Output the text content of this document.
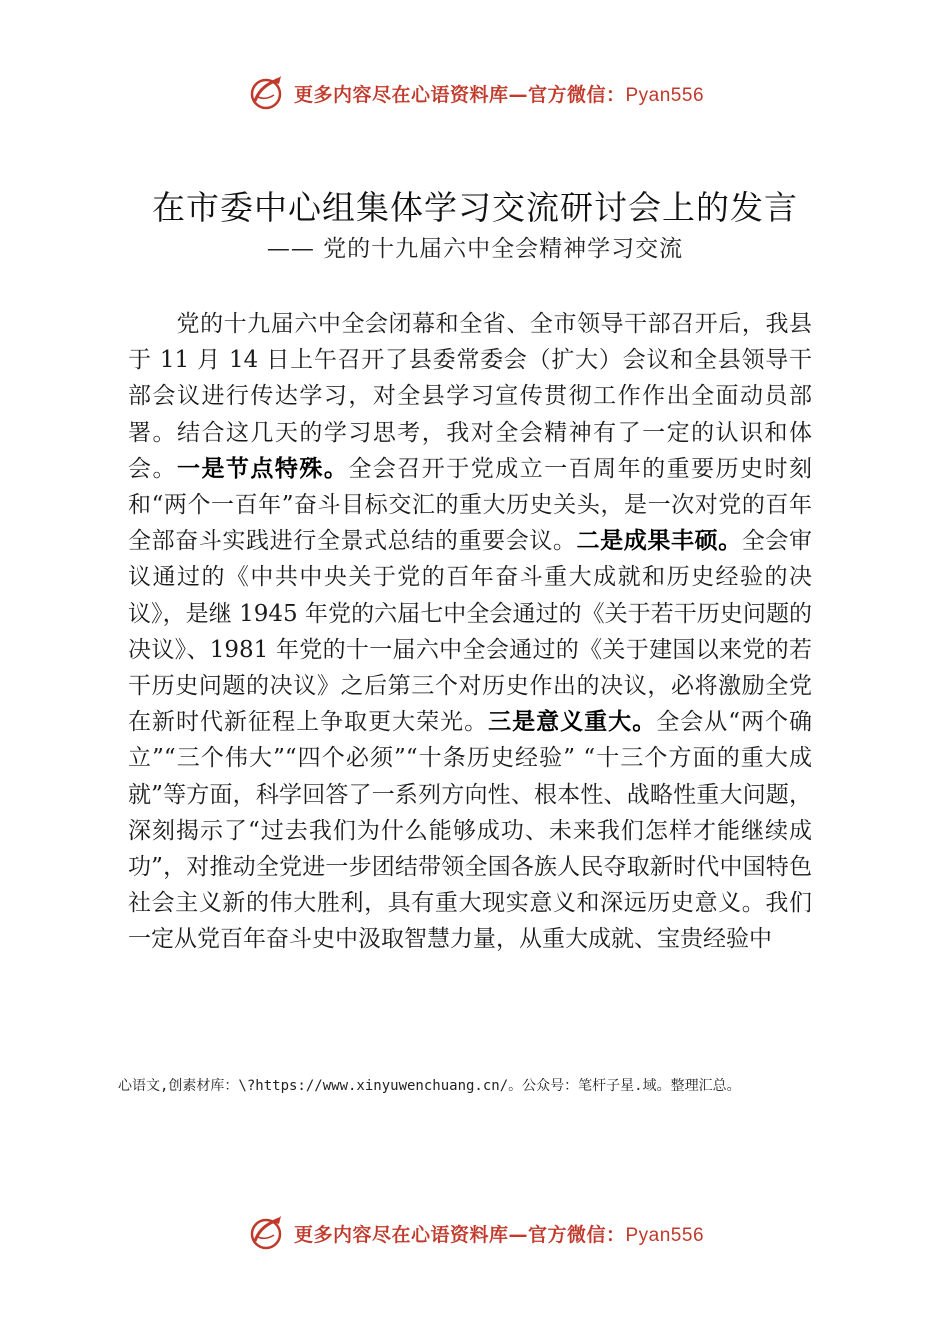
更多内容尽在心语资料库—官方微信：Pyan556
在市委中心组集体学习交流研讨会上的发言
—— 党的十九届六中全会精神学习交流
党的十九届六中全会闭幕和全省、全市领导干部召开后，我县于 11 月 14 日上午召开了县委常委会（扩大）会议和全县领导干部会议进行传达学习，对全县学习宣传贯彻工作作出全面动员部署。结合这几天的学习思考，我对全会精神有了一定的认识和体会。一是节点特殊。全会召开于党成立一百周年的重要历史时刻和“两个一百年”奋斗目标交汇的重大历史关头，是一次对党的百年全部奋斗实践进行全景式总结的重要会议。二是成果丰硕。全会审议通过的《中共中央关于党的百年奋斗重大成就和历史经验的决议》，是继 1945 年党的六届七中全会通过的《关于若干历史问题的决议》、1981 年党的十一届六中全会通过的《关于建国以来党的若干历史问题的决议》之后第三个对历史作出的决议，必将激励全党在新时代新征程上争取更大荣光。三是意义重大。全会从“两个确立”“三个伟大”“四个必须”“十条历史经验” “十三个方面的重大成就”等方面，科学回答了一系列方向性、根本性、战略性重大问题，深刻揭示了“过去我们为什么能够成功、未来我们怎样才能继续成功”，对推动全党进一步团结带领全国各族人民夺取新时代中国特色社会主义新的伟大胜利，具有重大现实意义和深远历史意义。我们一定从党百年奋斗史中汲取智慧力量，从重大成就、宝贵经验中
心语文,创素材库：\?https://www.xinyuwenchuang.cn/。公众号：笔杆子星.域。整理汇总。
更多内容尽在心语资料库—官方微信：Pyan556
